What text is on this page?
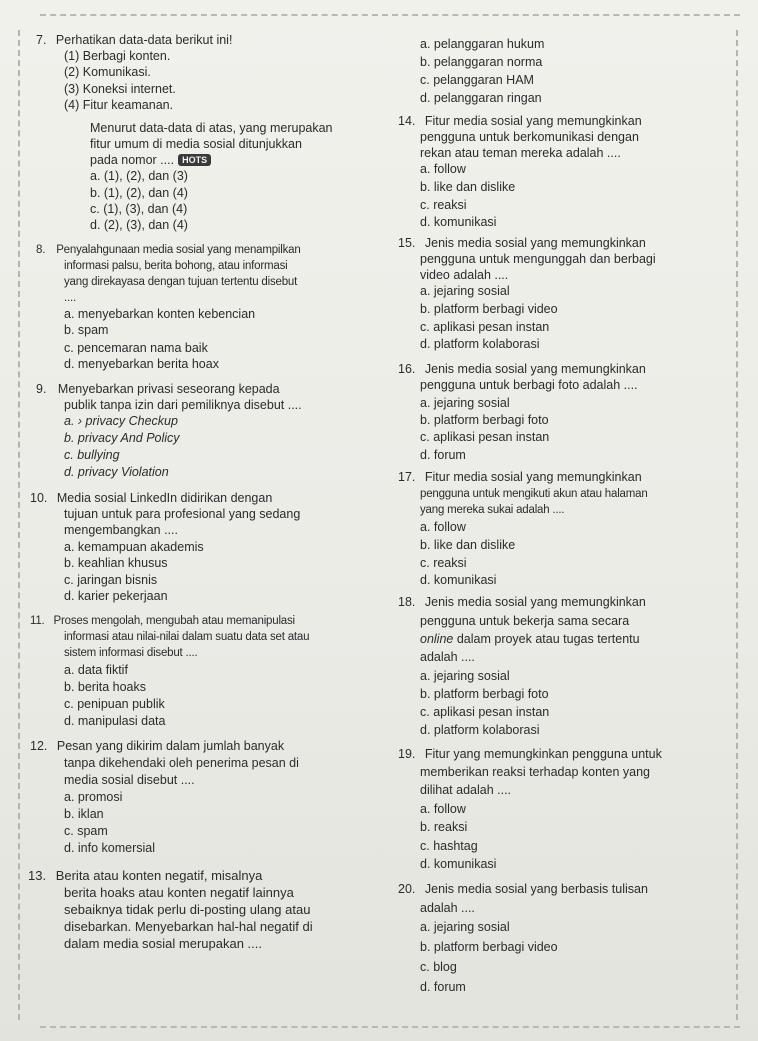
7. Perhatikan data-data berikut ini!
(1) Berbagi konten.
(2) Komunikasi.
(3) Koneksi internet.
(4) Fitur keamanan.
Menurut data-data di atas, yang merupakan
fitur umum di media sosial ditunjukkan
pada nomor .... HOTS
a. (1), (2), dan (3)
b. (1), (2), dan (4)
c. (1), (3), dan (4)
d. (2), (3), dan (4)
8. Penyalahgunaan media sosial yang menampilkan
informasi palsu, berita bohong, atau informasi
yang direkayasa dengan tujuan tertentu disebut
....
a. menyebarkan konten kebencian
b. spam
c. pencemaran nama baik
d. menyebarkan berita hoax
9. Menyebarkan privasi seseorang kepada
publik tanpa izin dari pemiliknya disebut ....
a. › privacy Checkup
b. privacy And Policy
c. bullying
d. privacy Violation
10. Media sosial LinkedIn didirikan dengan
tujuan untuk para profesional yang sedang
mengembangkan ....
a. kemampuan akademis
b. keahlian khusus
c. jaringan bisnis
d. karier pekerjaan
11. Proses mengolah, mengubah atau memanipulasi
informasi atau nilai-nilai dalam suatu data set atau
sistem informasi disebut ....
a. data fiktif
b. berita hoaks
c. penipuan publik
d. manipulasi data
12. Pesan yang dikirim dalam jumlah banyak
tanpa dikehendaki oleh penerima pesan di
media sosial disebut ....
a. promosi
b. iklan
c. spam
d. info komersial
13. Berita atau konten negatif, misalnya
berita hoaks atau konten negatif lainnya
sebaiknya tidak perlu di-posting ulang atau
disebarkan. Menyebarkan hal-hal negatif di
dalam media sosial merupakan ....
a. pelanggaran hukum
b. pelanggaran norma
c. pelanggaran HAM
d. pelanggaran ringan
14. Fitur media sosial yang memungkinkan
pengguna untuk berkomunikasi dengan
rekan atau teman mereka adalah ....
a. follow
b. like dan dislike
c. reaksi
d. komunikasi
15. Jenis media sosial yang memungkinkan
pengguna untuk mengunggah dan berbagi
video adalah ....
a. jejaring sosial
b. platform berbagi video
c. aplikasi pesan instan
d. platform kolaborasi
16. Jenis media sosial yang memungkinkan
pengguna untuk berbagi foto adalah ....
a. jejaring sosial
b. platform berbagi foto
c. aplikasi pesan instan
d. forum
17. Fitur media sosial yang memungkinkan
pengguna untuk mengikuti akun atau halaman
yang mereka sukai adalah ....
a. follow
b. like dan dislike
c. reaksi
d. komunikasi
18. Jenis media sosial yang memungkinkan
pengguna untuk bekerja sama secara
online dalam proyek atau tugas tertentu
adalah ....
a. jejaring sosial
b. platform berbagi foto
c. aplikasi pesan instan
d. platform kolaborasi
19. Fitur yang memungkinkan pengguna untuk
memberikan reaksi terhadap konten yang
dilihat adalah ....
a. follow
b. reaksi
c. hashtag
d. komunikasi
20. Jenis media sosial yang berbasis tulisan
adalah ....
a. jejaring sosial
b. platform berbagi video
c. blog
d. forum
